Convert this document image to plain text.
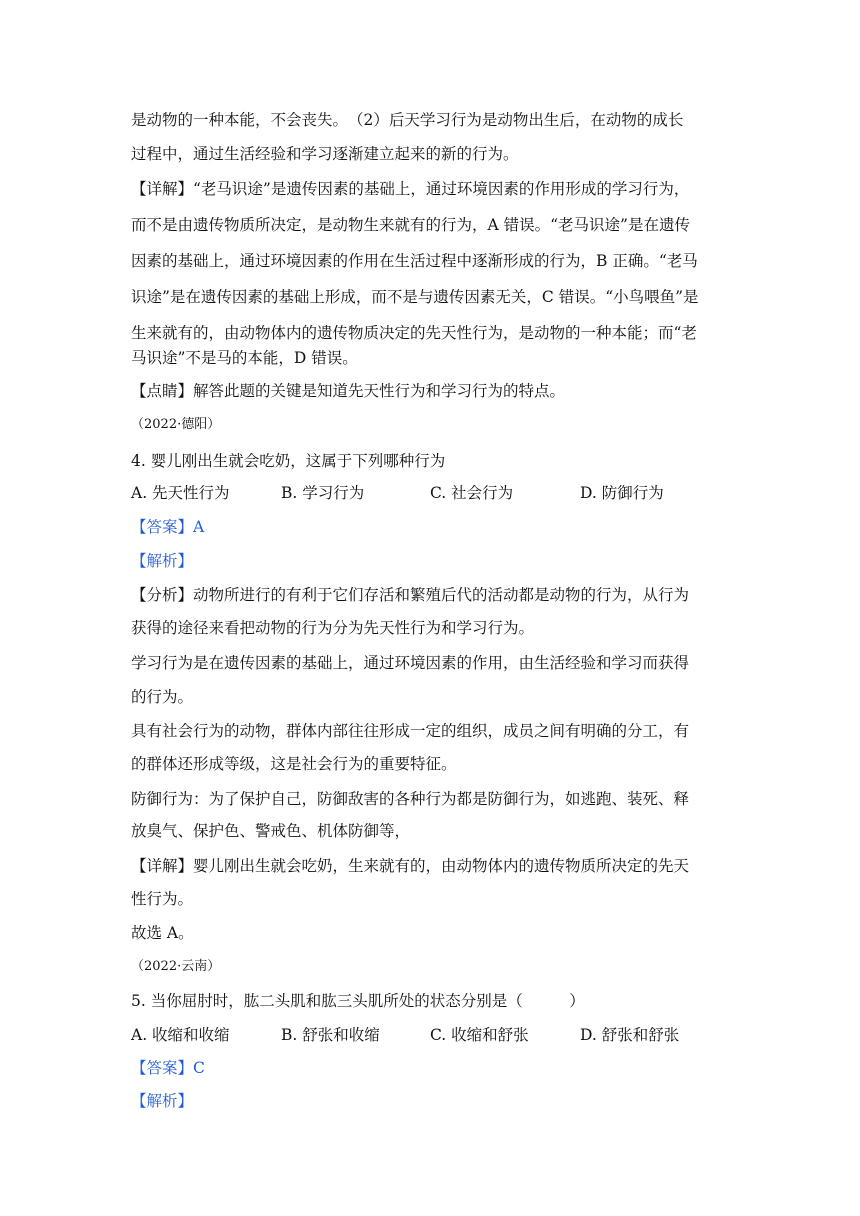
是动物的一种本能，不会丧失。　（2）后天学习行为是动物出生后，在动物的成长
过程中，通过生活经验和学习逐渐建立起来的新的行为。
【详解】“老马识途”是遗传因素的基础上，通过环境因素的作用形成的学习行为，
而不是由遗传物质所决定，是动物生来就有的行为，A 错误。“老马识途”是在遗传
因素的基础上，通过环境因素的作用在生活过程中逐渐形成的行为，B 正确。“老马
识途”是在遗传因素的基础上形成，而不是与遗传因素无关，C 错误。“小鸟喂鱼”是
生来就有的，由动物体内的遗传物质决定的先天性行为，是动物的一种本能；而“老
马识途”不是马的本能，D 错误。
【点睛】解答此题的关键是知道先天性行为和学习行为的特点。
（2022·德阳）
4. 婴儿刚出生就会吃奶，这属于下列哪种行为
A. 先天性行为	B. 学习行为	C. 社会行为	D. 防御行为
【答案】A
【解析】
【分析】动物所进行的有利于它们存活和繁殖后代的活动都是动物的行为，从行为
获得的途径来看把动物的行为分为先天性行为和学习行为。
学习行为是在遗传因素的基础上，通过环境因素的作用，由生活经验和学习而获得
的行为。
具有社会行为的动物，群体内部往往形成一定的组织，成员之间有明确的分工，有
的群体还形成等级，这是社会行为的重要特征。
防御行为：为了保护自己，防御敌害的各种行为都是防御行为，如逃跑、装死、释
放臭气、保护色、警戒色、机体防御等，
【详解】婴儿刚出生就会吃奶，生来就有的，由动物体内的遗传物质所决定的先天
性行为。
故选 A。
（2022·云南）
5. 当你屈肘时，肱二头肌和肱三头肌所处的状态分别是（　　　）
A. 收缩和收缩	B. 舒张和收缩	C. 收缩和舒张	D. 舒张和舒张
【答案】C
【解析】
